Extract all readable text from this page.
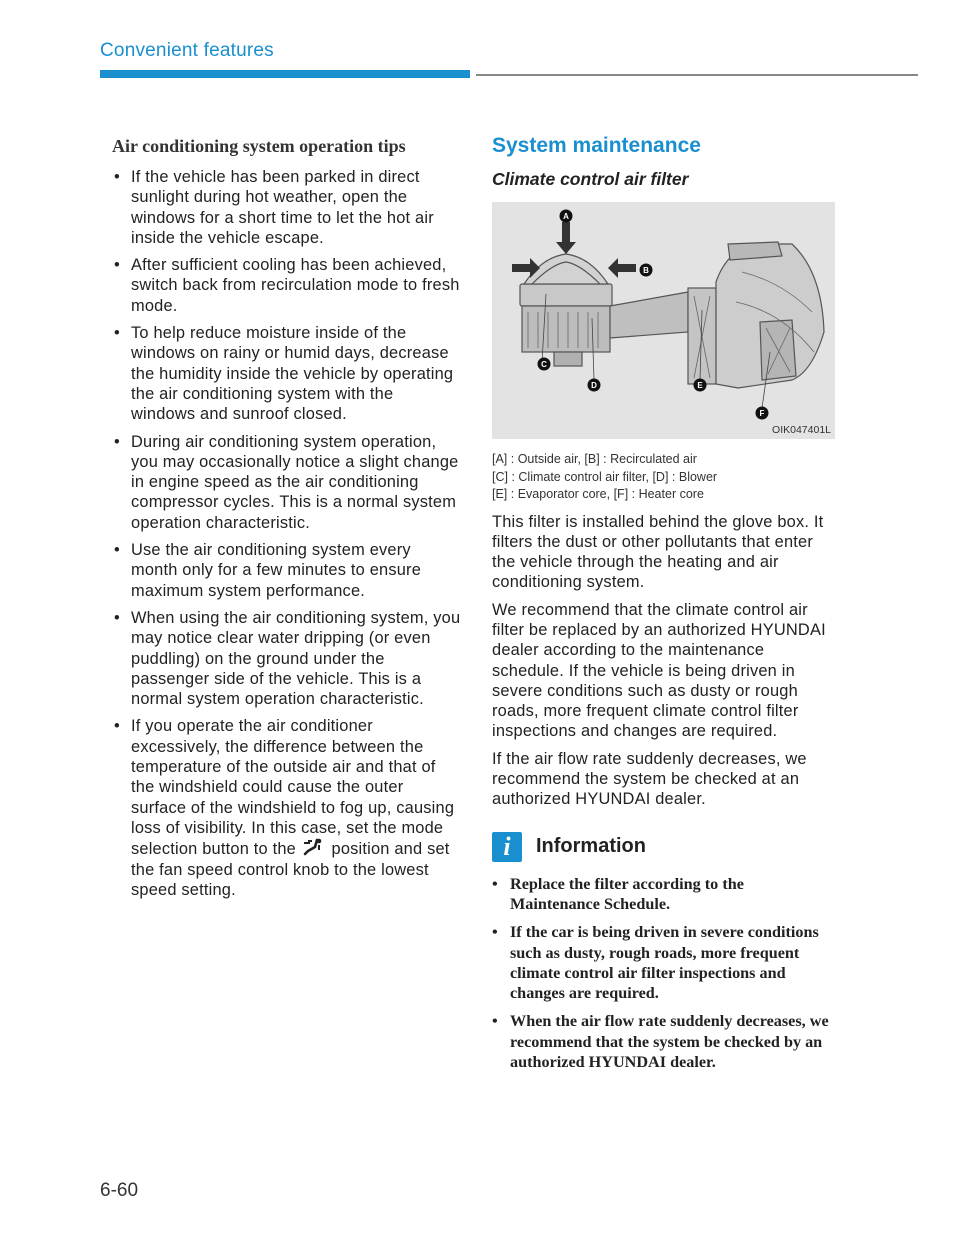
Convenient features
Air conditioning system operation tips
• If the vehicle has been parked in direct sunlight during hot weather, open the windows for a short time to let the hot air inside the vehicle escape.
• After sufficient cooling has been achieved, switch back from recirculation mode to fresh mode.
• To help reduce moisture inside of the windows on rainy or humid days, decrease the humidity inside the vehicle by operating the air conditioning system with the windows and sunroof closed.
• During air conditioning system operation, you may occasionally notice a slight change in engine speed as the air conditioning compressor cycles. This is a normal system operation characteristic.
• Use the air conditioning system every month only for a few minutes to ensure maximum system performance.
• When using the air conditioning system, you may notice clear water dripping (or even puddling) on the ground under the passenger side of the vehicle. This is a normal system operation characteristic.
• If you operate the air conditioner excessively, the difference between the temperature of the outside air and that of the windshield could cause the outer surface of the windshield to fog up, causing loss of visibility. In this case, set the mode selection button to the position and set the fan speed control knob to the lowest speed setting.
System maintenance
Climate control air filter
A
B
C
D	E
F
OIK047401L
[A] : Outside air, [B] : Recirculated air
[C] : Climate control air filter, [D] : Blower
[E] : Evaporator core, [F] : Heater core

This filter is installed behind the glove box. It filters the dust or other pollutants that enter the vehicle through the heating and air conditioning system.

We recommend that the climate control air filter be replaced by an authorized HYUNDAI dealer according to the maintenance schedule. If the vehicle is being driven in severe conditions such as dusty or rough roads, more frequent climate control filter inspections and changes are required.

If the air flow rate suddenly decreases, we recommend the system be checked at an authorized HYUNDAI dealer.

i	Information
• Replace the filter according to the Maintenance Schedule.
• If the car is being driven in severe conditions such as dusty, rough roads, more frequent climate control air filter inspections and changes are required.
• When the air flow rate suddenly decreases, we recommend that the system be checked by an authorized HYUNDAI dealer.
6-60
